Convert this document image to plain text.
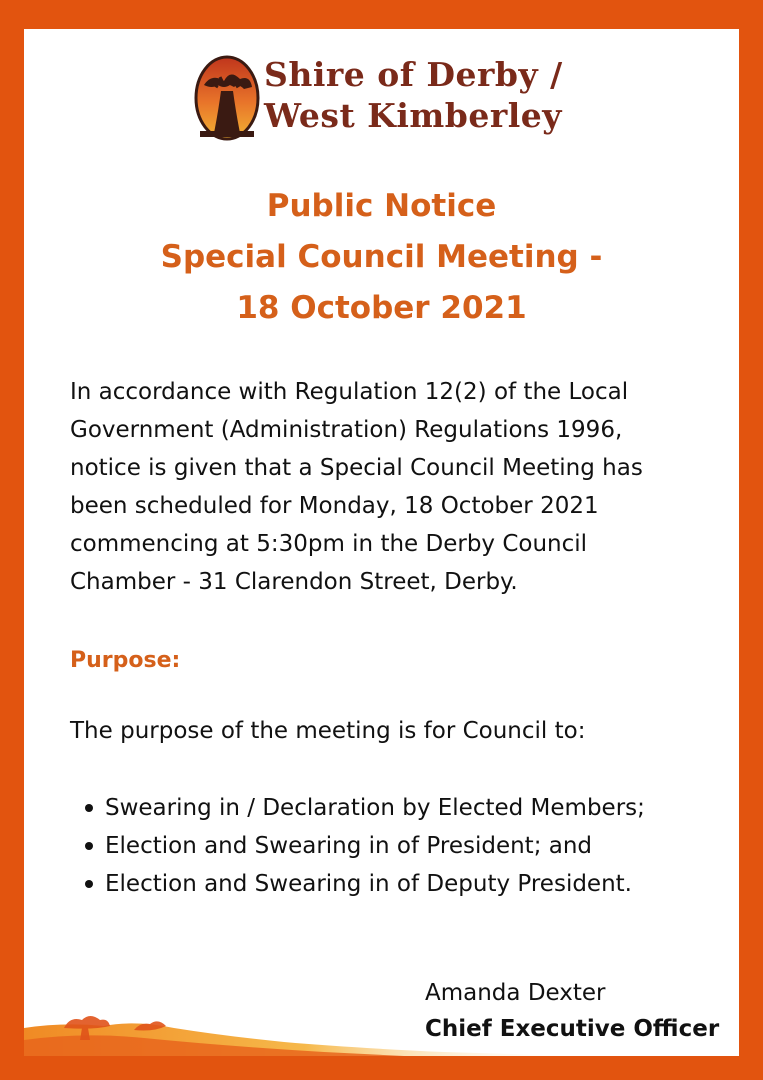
Shire of Derby /
West Kimberley
Public Notice
Special Council Meeting -
18 October 2021
In accordance with Regulation 12(2) of the Local
Government (Administration) Regulations 1996,
notice is given that a Special Council Meeting has
been scheduled for Monday, 18 October 2021
commencing at 5:30pm in the Derby Council
Chamber - 31 Clarendon Street, Derby.
Purpose:
The purpose of the meeting is for Council to:
Swearing in / Declaration by Elected Members;
Election and Swearing in of President; and
Election and Swearing in of Deputy President.
Amanda Dexter
Chief Executive Officer
